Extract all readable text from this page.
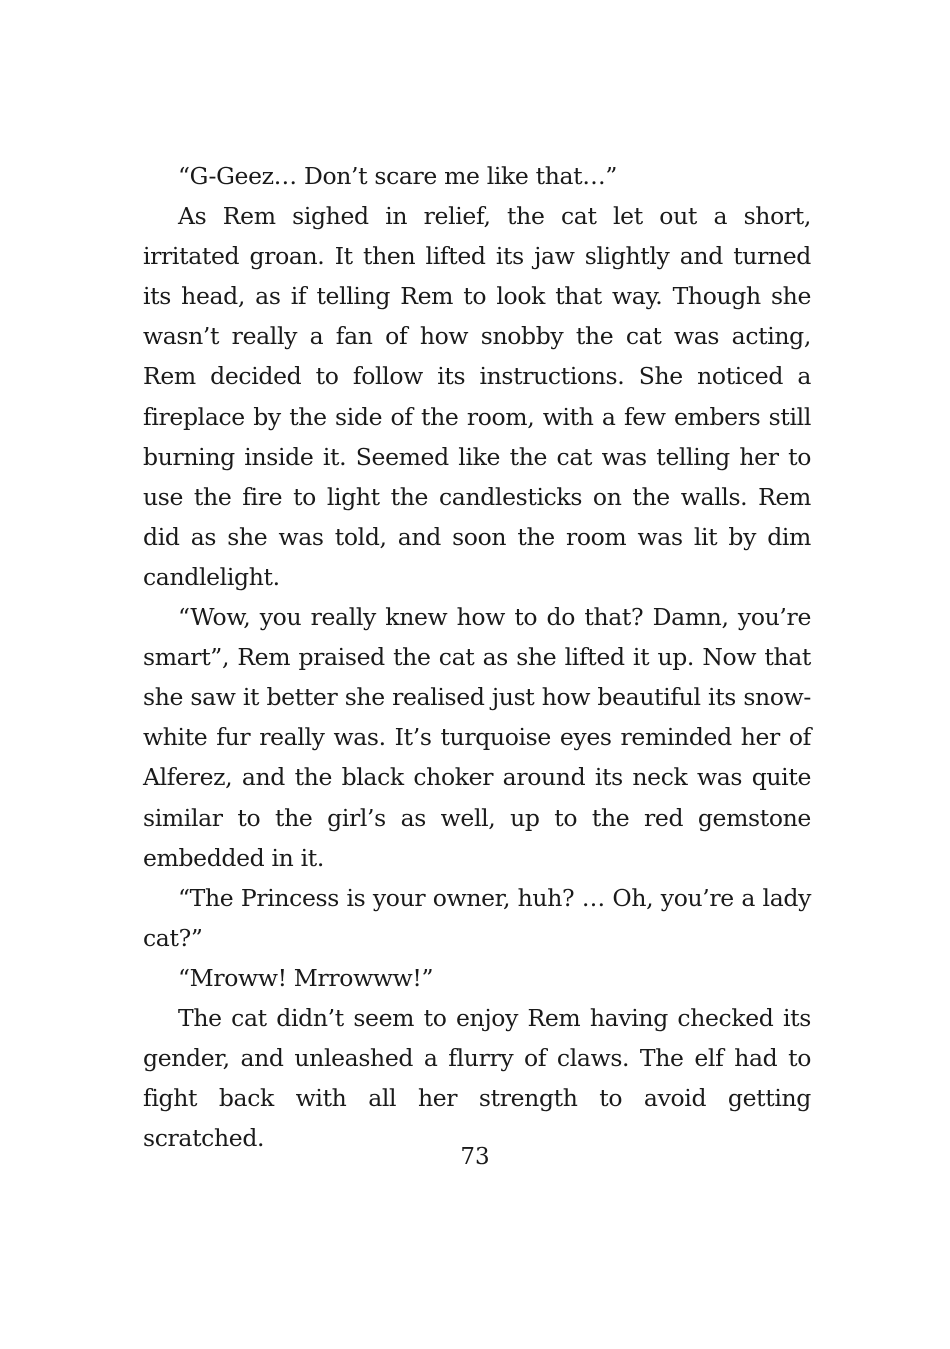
“G-Geez… Don’t scare me like that…”

As Rem sighed in relief, the cat let out a short, irritated groan. It then lifted its jaw slightly and turned its head, as if telling Rem to look that way. Though she wasn’t really a fan of how snobby the cat was acting, Rem decided to follow its instructions. She noticed a fireplace by the side of the room, with a few embers still burning inside it. Seemed like the cat was telling her to use the fire to light the candlesticks on the walls. Rem did as she was told, and soon the room was lit by dim candlelight.

“Wow, you really knew how to do that? Damn, you’re smart”, Rem praised the cat as she lifted it up. Now that she saw it better she realised just how beautiful its snow-white fur really was. It’s turquoise eyes reminded her of Alferez, and the black choker around its neck was quite similar to the girl’s as well, up to the red gemstone embedded in it.

“The Princess is your owner, huh? … Oh, you’re a lady cat?”

“Mroww! Mrrowww!”

The cat didn’t seem to enjoy Rem having checked its gender, and unleashed a flurry of claws. The elf had to fight back with all her strength to avoid getting scratched.

73
